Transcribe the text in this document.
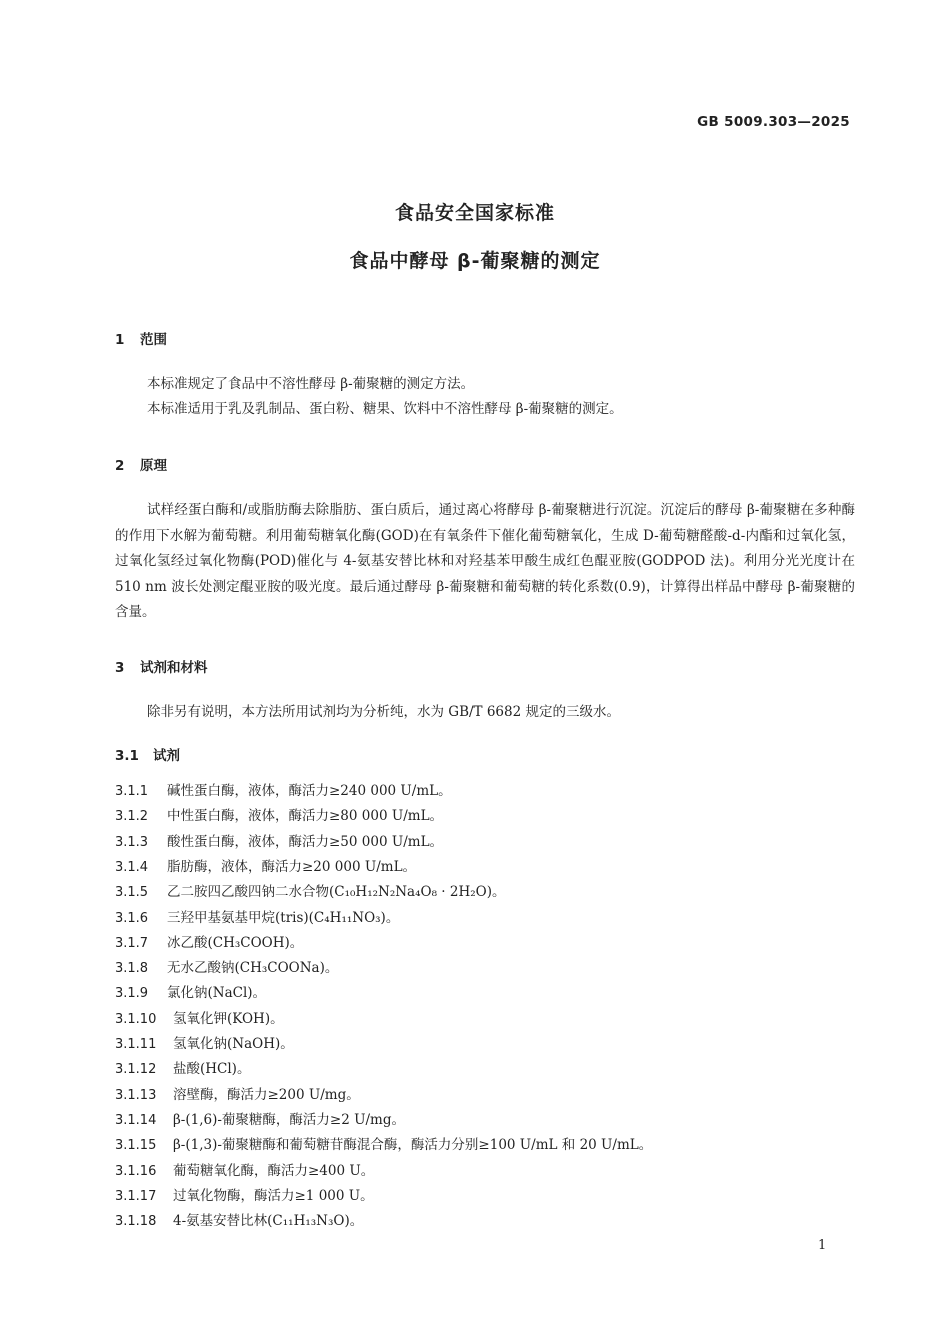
GB 5009.303—2025
食品安全国家标准
食品中酵母 β-葡聚糖的测定
1 范围
本标准规定了食品中不溶性酵母 β-葡聚糖的测定方法。
本标准适用于乳及乳制品、蛋白粉、糖果、饮料中不溶性酵母 β-葡聚糖的测定。
2 原理
试样经蛋白酶和/或脂肪酶去除脂肪、蛋白质后，通过离心将酵母 β-葡聚糖进行沉淀。沉淀后的酵母 β-葡聚糖在多种酶的作用下水解为葡萄糖。利用葡萄糖氧化酶(GOD)在有氧条件下催化葡萄糖氧化，生成 D-葡萄糖醛酸-d-内酯和过氧化氢，过氧化氢经过氧化物酶(POD)催化与 4-氨基安替比林和对羟基苯甲酸生成红色醌亚胺(GODPOD 法)。利用分光光度计在 510 nm 波长处测定醌亚胺的吸光度。最后通过酵母 β-葡聚糖和葡萄糖的转化系数(0.9)，计算得出样品中酵母 β-葡聚糖的含量。
3 试剂和材料
除非另有说明，本方法所用试剂均为分析纯，水为 GB/T 6682 规定的三级水。
3.1 试剂
3.1.1 碱性蛋白酶，液体，酶活力≥240 000 U/mL。
3.1.2 中性蛋白酶，液体，酶活力≥80 000 U/mL。
3.1.3 酸性蛋白酶，液体，酶活力≥50 000 U/mL。
3.1.4 脂肪酶，液体，酶活力≥20 000 U/mL。
3.1.5 乙二胺四乙酸四钠二水合物(C₁₀H₁₂N₂Na₄O₈ · 2H₂O)。
3.1.6 三羟甲基氨基甲烷(tris)(C₄H₁₁NO₃)。
3.1.7 冰乙酸(CH₃COOH)。
3.1.8 无水乙酸钠(CH₃COONa)。
3.1.9 氯化钠(NaCl)。
3.1.10 氢氧化钾(KOH)。
3.1.11 氢氧化钠(NaOH)。
3.1.12 盐酸(HCl)。
3.1.13 溶壁酶，酶活力≥200 U/mg。
3.1.14 β-(1,6)-葡聚糖酶，酶活力≥2 U/mg。
3.1.15 β-(1,3)-葡聚糖酶和葡萄糖苷酶混合酶，酶活力分别≥100 U/mL 和 20 U/mL。
3.1.16 葡萄糖氧化酶，酶活力≥400 U。
3.1.17 过氧化物酶，酶活力≥1 000 U。
3.1.18 4-氨基安替比林(C₁₁H₁₃N₃O)。
1
